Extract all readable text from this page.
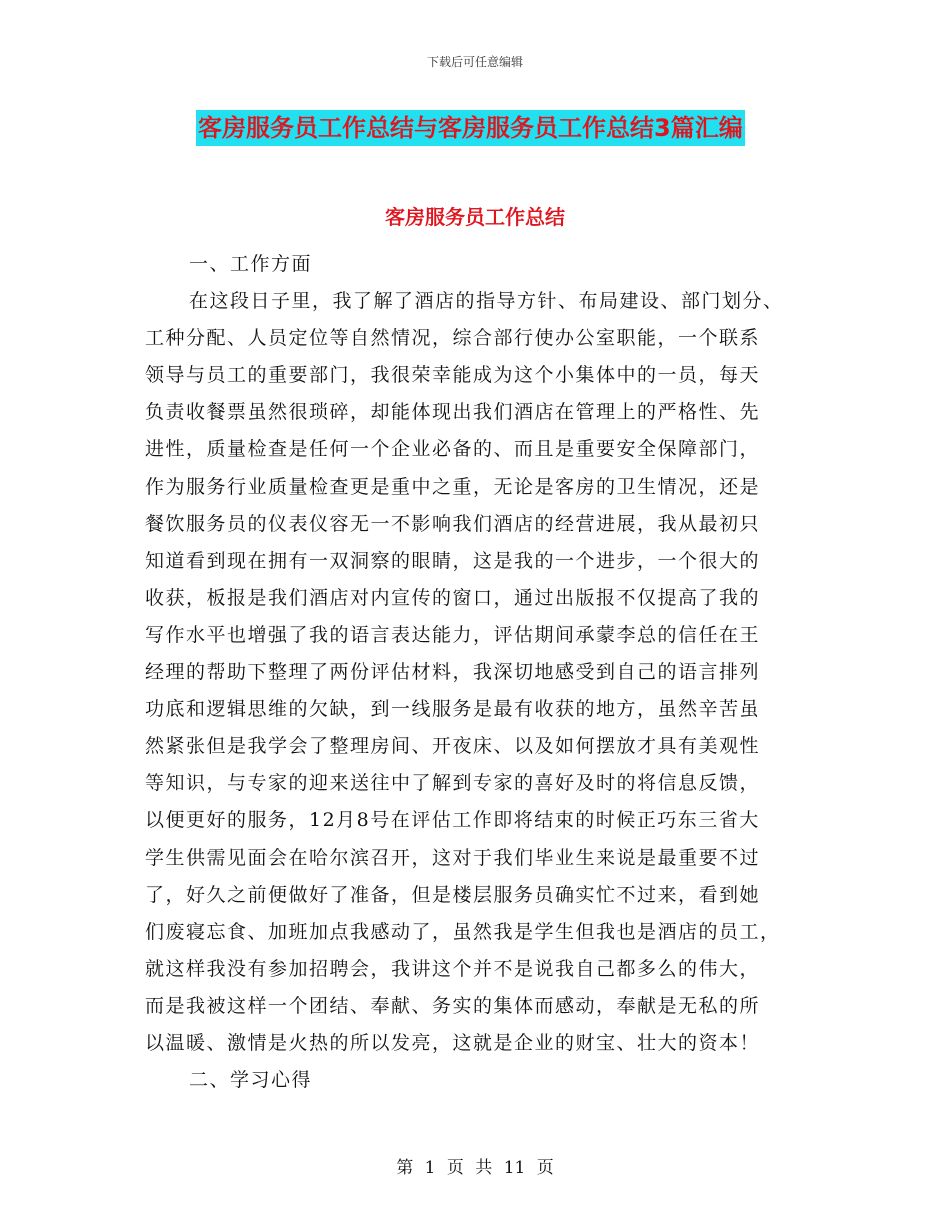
下载后可任意编辑
客房服务员工作总结与客房服务员工作总结3篇汇编
客房服务员工作总结

一、工作方面

在这段日子里，我了解了酒店的指导方针、布局建设、部门划分、
工种分配、人员定位等自然情况，综合部行使办公室职能，一个联系
领导与员工的重要部门，我很荣幸能成为这个小集体中的一员，每天
负责收餐票虽然很琐碎，却能体现出我们酒店在管理上的严格性、先
进性，质量检查是任何一个企业必备的、而且是重要安全保障部门，
作为服务行业质量检查更是重中之重，无论是客房的卫生情况，还是
餐饮服务员的仪表仪容无一不影响我们酒店的经营进展，我从最初只
知道看到现在拥有一双洞察的眼睛，这是我的一个进步，一个很大的
收获，板报是我们酒店对内宣传的窗口，通过出版报不仅提高了我的
写作水平也增强了我的语言表达能力，评估期间承蒙李总的信任在王
经理的帮助下整理了两份评估材料，我深切地感受到自己的语言排列
功底和逻辑思维的欠缺，到一线服务是最有收获的地方，虽然辛苦虽
然紧张但是我学会了整理房间、开夜床、以及如何摆放才具有美观性
等知识，与专家的迎来送往中了解到专家的喜好及时的将信息反馈，
以便更好的服务，12月8号在评估工作即将结束的时候正巧东三省大
学生供需见面会在哈尔滨召开，这对于我们毕业生来说是最重要不过
了，好久之前便做好了准备，但是楼层服务员确实忙不过来，看到她
们废寝忘食、加班加点我感动了，虽然我是学生但我也是酒店的员工，
就这样我没有参加招聘会，我讲这个并不是说我自己都多么的伟大，
而是我被这样一个团结、奉献、务实的集体而感动，奉献是无私的所
以温暖、激情是火热的所以发亮，这就是企业的财宝、壮大的资本！

二、学习心得

第 1 页 共 11 页
